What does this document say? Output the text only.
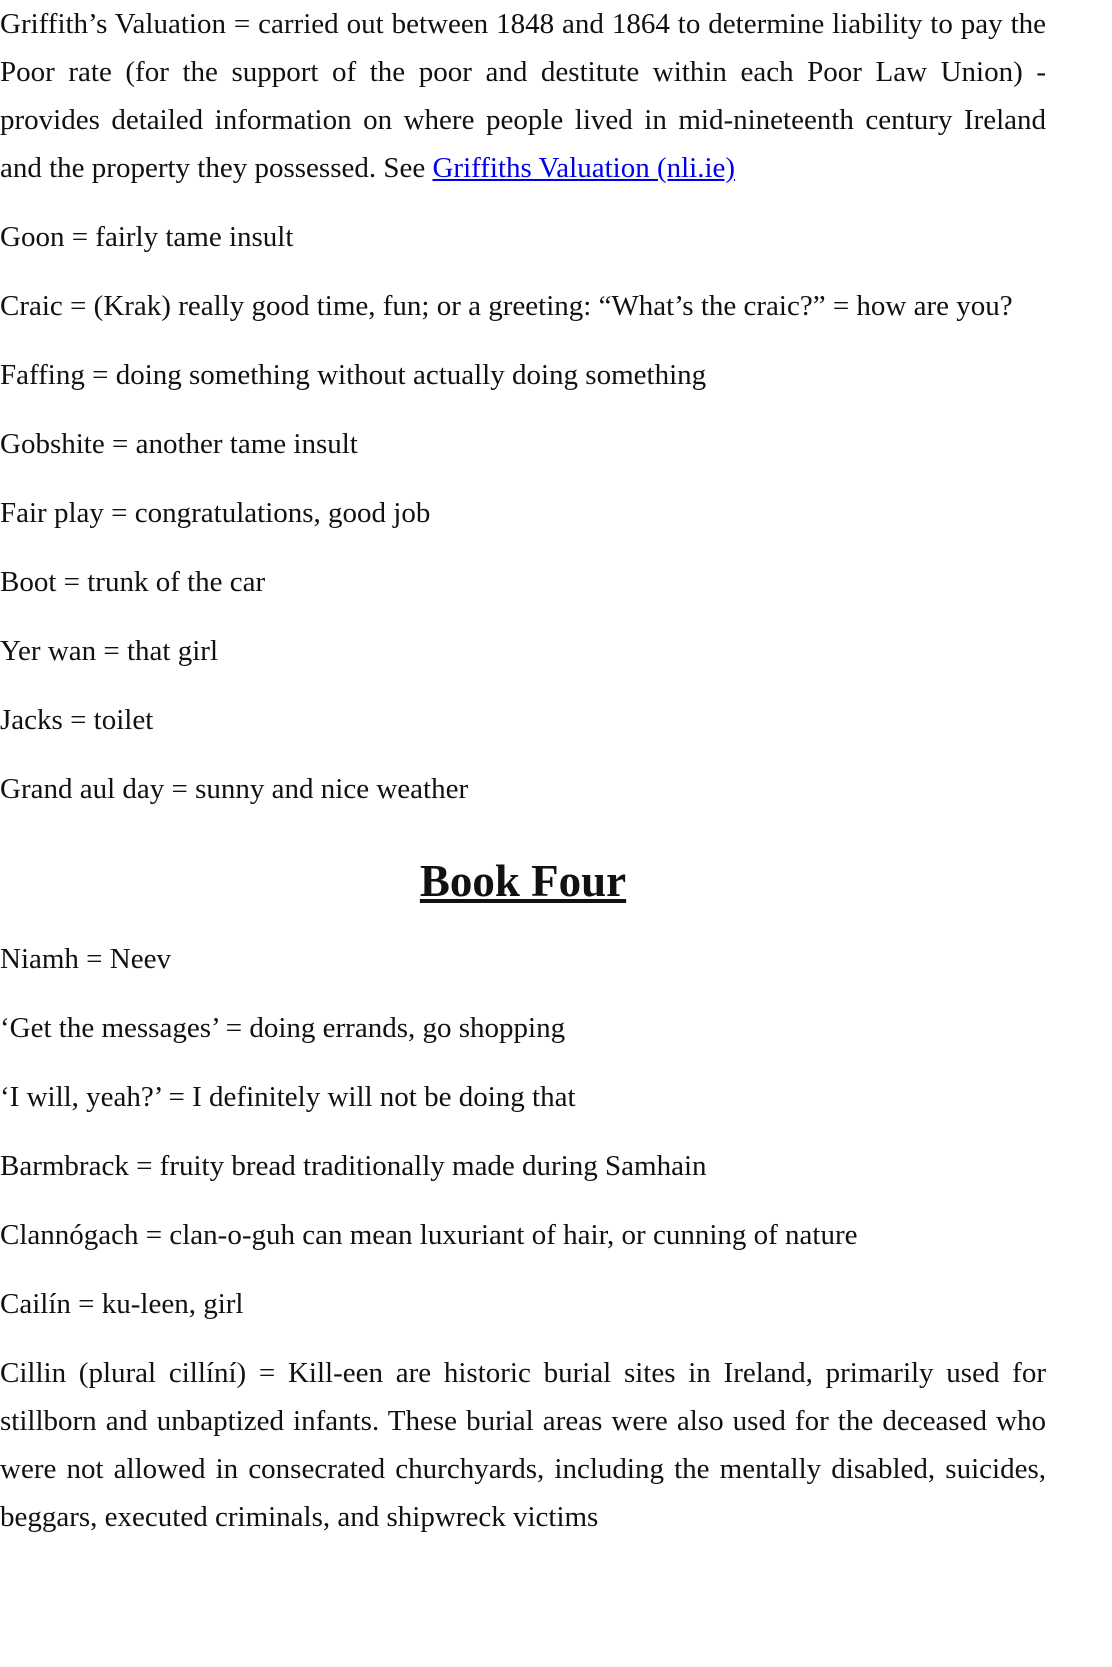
Griffith’s Valuation = carried out between 1848 and 1864 to determine liability to pay the Poor rate (for the support of the poor and destitute within each Poor Law Union) - provides detailed information on where people lived in mid-nineteenth century Ireland and the property they possessed. See Griffiths Valuation (nli.ie)

Goon = fairly tame insult

Craic = (Krak) really good time, fun; or a greeting: “What’s the craic?” = how are you?

Faffing = doing something without actually doing something

Gobshite = another tame insult

Fair play = congratulations, good job

Boot = trunk of the car

Yer wan = that girl

Jacks = toilet

Grand aul day = sunny and nice weather

Book Four

Niamh = Neev

‘Get the messages’ = doing errands, go shopping

‘I will, yeah?’ = I definitely will not be doing that

Barmbrack = fruity bread traditionally made during Samhain

Clannógach = clan-o-guh can mean luxuriant of hair, or cunning of nature

Cailín = ku-leen, girl

Cillin (plural cillíní) = Kill-een are historic burial sites in Ireland, primarily used for stillborn and unbaptized infants. These burial areas were also used for the deceased who were not allowed in consecrated churchyards, including the mentally disabled, suicides, beggars, executed criminals, and shipwreck victims
